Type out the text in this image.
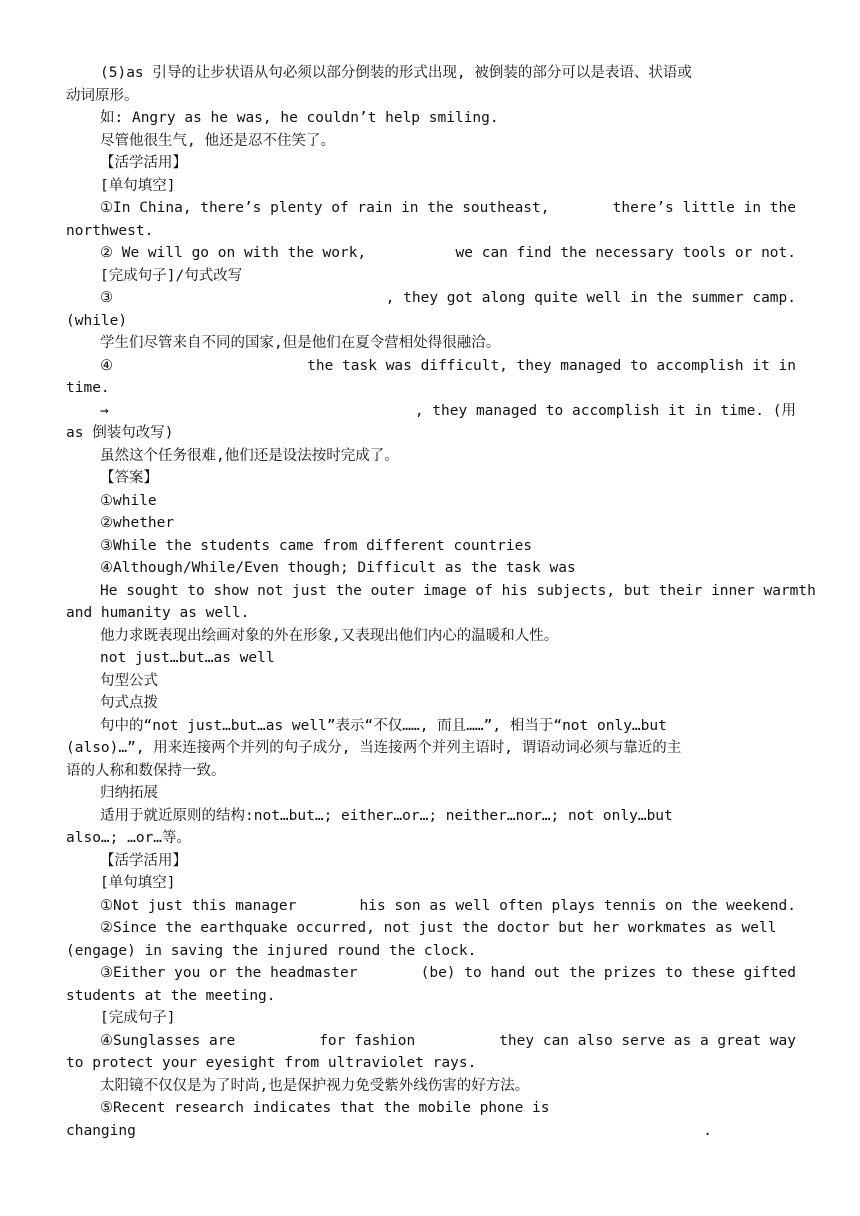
(5)as 引导的让步状语从句必须以部分倒装的形式出现, 被倒装的部分可以是表语、状语或
动词原形。
如: Angry as he was, he couldn’t help smiling.
尽管他很生气, 他还是忍不住笑了。
【活学活用】
[单句填空]
①In China, there’s plenty of rain in the southeast,	there’s little in the
northwest.
② We will go on with the work,	we can find the necessary tools or not.
[完成句子]/句式改写
③	, they got along quite well in the summer camp.
(while)
学生们尽管来自不同的国家,但是他们在夏令营相处得很融洽。
④	the task was difficult, they managed to accomplish it in
time.
→	, they managed to accomplish it in time. (用
as 倒装句改写)
虽然这个任务很难,他们还是设法按时完成了。
【答案】
①while
②whether
③While the students came from different countries
④Although/While/Even though; Difficult as the task was
He sought to show not just the outer image of his subjects, but their inner warmth
and humanity as well.
他力求既表现出绘画对象的外在形象,又表现出他们内心的温暖和人性。
not just…but…as well
句型公式
句式点拨
句中的“not just…but…as well”表示“不仅……, 而且……”, 相当于“not only…but
(also)…”, 用来连接两个并列的句子成分, 当连接两个并列主语时, 谓语动词必须与靠近的主
语的人称和数保持一致。
归纳拓展
适用于就近原则的结构:not…but…; either…or…; neither…nor…; not only…but
also…; …or…等。
【活学活用】
[单句填空]
①Not just this manager	his son as well often plays tennis on the weekend.
②Since the earthquake occurred, not just the doctor but her workmates as well
(engage) in saving the injured round the clock.
③Either you or the headmaster	(be) to hand out the prizes to these gifted
students at the meeting.
[完成句子]
④Sunglasses are	for fashion	they can also serve as a great way
to protect your eyesight from ultraviolet rays.
太阳镜不仅仅是为了时尚,也是保护视力免受紫外线伤害的好方法。
⑤Recent research indicates that the mobile phone is
changing	.
